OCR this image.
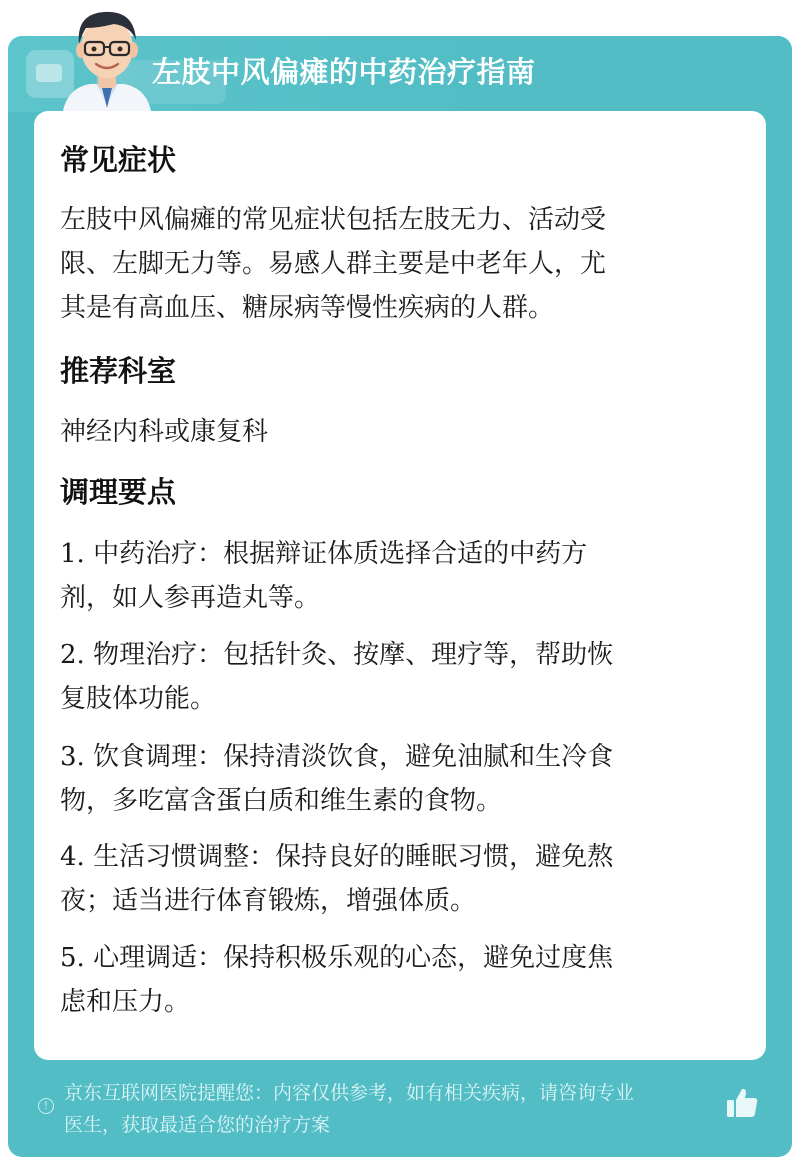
左肢中风偏瘫的中药治疗指南
常见症状
左肢中风偏瘫的常见症状包括左肢无力、活动受
限、左脚无力等。易感人群主要是中老年人，尤
其是有高血压、糖尿病等慢性疾病的人群。
推荐科室
神经内科或康复科
调理要点
1. 中药治疗：根据辩证体质选择合适的中药方
剂，如人参再造丸等。
2. 物理治疗：包括针灸、按摩、理疗等，帮助恢
复肢体功能。
3. 饮食调理：保持清淡饮食，避免油腻和生冷食
物，多吃富含蛋白质和维生素的食物。
4. 生活习惯调整：保持良好的睡眠习惯，避免熬
夜；适当进行体育锻炼，增强体质。
5. 心理调适：保持积极乐观的心态，避免过度焦
虑和压力。
!
京东互联网医院提醒您：内容仅供参考，如有相关疾病，请咨询专业
医生，获取最适合您的治疗方案
